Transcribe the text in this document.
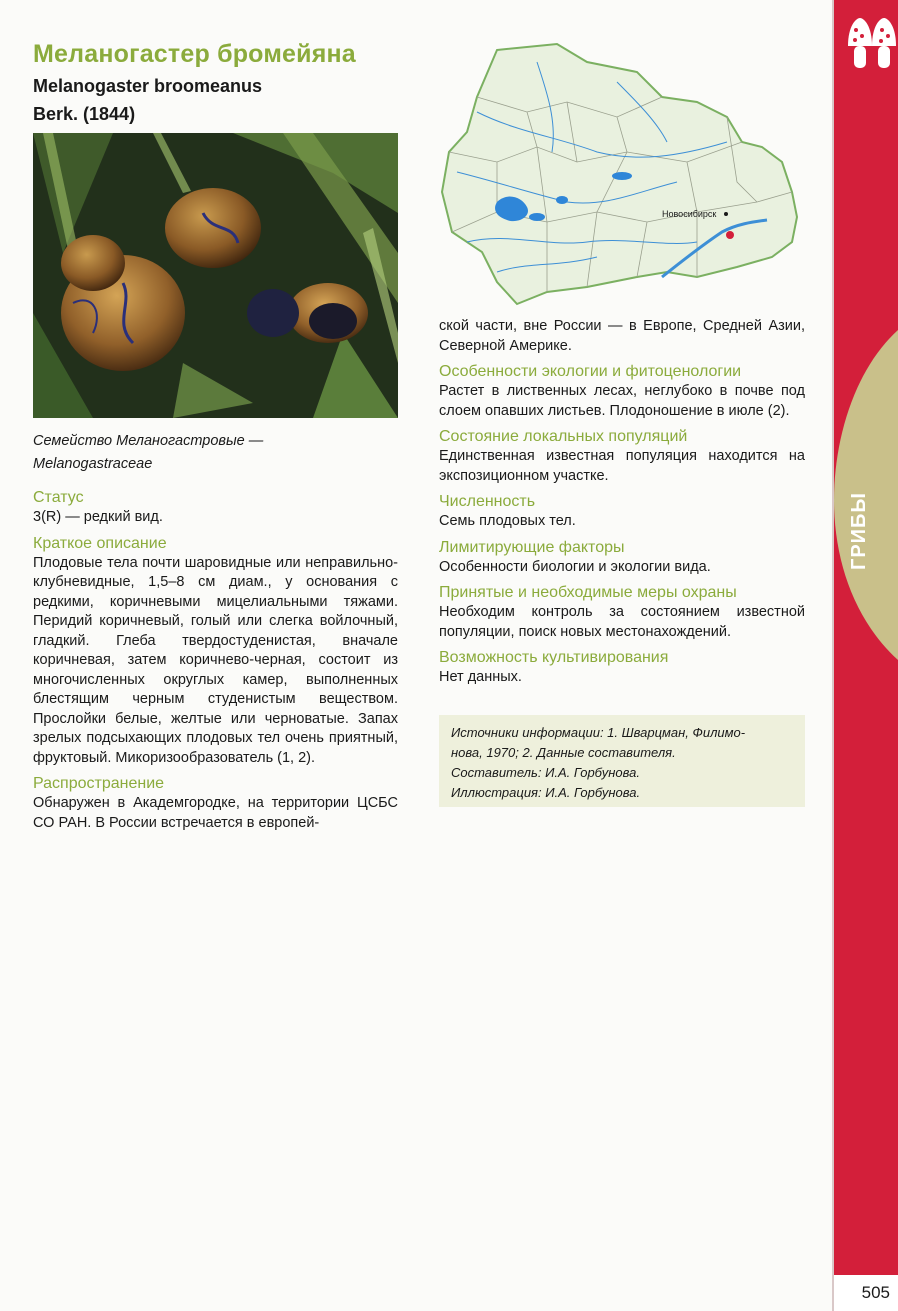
Меланогастер бромейяна
Melanogaster broomeanus
Berk. (1844)
Семейство Меланогастровые —
Melanogastraceae
Статус

3(R) — редкий вид.

Краткое описание

Плодовые тела почти шаровидные или неправильно-клубневидные, 1,5–8 см диам., у основания с редкими, коричневыми мицелиальными тяжами. Перидий коричневый, голый или слегка войлочный, гладкий. Глеба твердостуденистая, вначале коричневая, затем коричнево-черная, состоит из многочисленных округлых камер, выполненных блестящим черным студенистым веществом. Прослойки белые, желтые или черноватые. Запах зрелых подсыхающих плодовых тел очень приятный, фруктовый. Микоризообразователь (1, 2).

Распространение

Обнаружен в Академгородке, на территории ЦСБС СО РАН. В России встречается в европей-

Новосибирск

ской части, вне России — в Европе, Средней Азии, Северной Америке.

Особенности экологии и фитоценологии

Растет в лиственных лесах, неглубоко в почве под слоем опавших листьев. Плодоношение в июле (2).

Состояние локальных популяций

Единственная известная популяция находится на экспозиционном участке.

Численность

Семь плодовых тел.

Лимитирующие факторы

Особенности биологии и экологии вида.

Принятые и необходимые меры охраны

Необходим контроль за состоянием известной популяции, поиск новых местонахождений.

Возможность культивирования

Нет данных.

Источники информации: 1. Шварцман, Филимо-
нова, 1970; 2. Данные составителя.
Составитель: И.А. Горбунова.
Иллюстрация: И.А. Горбунова.
ГРИБЫ
505
